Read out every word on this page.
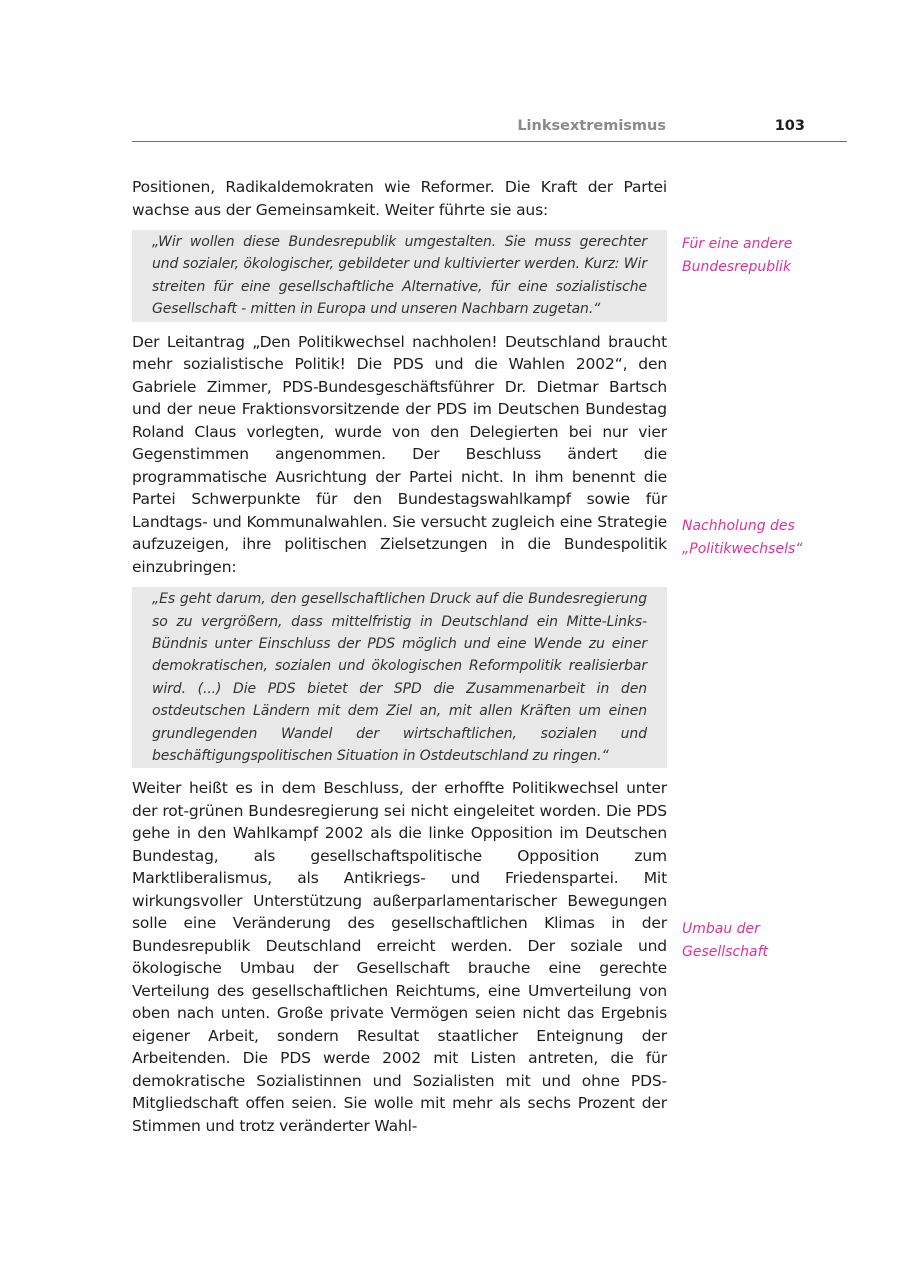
Linksextremismus	103

Positionen, Radikaldemokraten wie Reformer. Die Kraft der Partei wachse aus der Gemeinsamkeit. Weiter führte sie aus:

„Wir wollen diese Bundesrepublik umgestalten. Sie muss gerechter und sozialer, ökologischer, gebildeter und kultivierter werden. Kurz: Wir streiten für eine gesellschaftliche Alternative, für eine sozialistische Gesellschaft - mitten in Europa und unseren Nachbarn zugetan.“

Der Leitantrag „Den Politikwechsel nachholen! Deutschland braucht mehr sozialistische Politik! Die PDS und die Wahlen 2002“, den Gabriele Zimmer, PDS-Bundesgeschäftsführer Dr. Dietmar Bartsch und der neue Fraktionsvorsitzende der PDS im Deutschen Bundestag Roland Claus vorlegten, wurde von den Delegierten bei nur vier Gegenstimmen angenommen. Der Beschluss ändert die programmatische Ausrichtung der Partei nicht. In ihm benennt die Partei Schwerpunkte für den Bundestagswahlkampf sowie für Landtags- und Kommunalwahlen. Sie versucht zugleich eine Strategie aufzuzeigen, ihre politischen Zielsetzungen in die Bundespolitik einzubringen:

„Es geht darum, den gesellschaftlichen Druck auf die Bundesregierung so zu vergrößern, dass mittelfristig in Deutschland ein Mitte-Links-Bündnis unter Einschluss der PDS möglich und eine Wende zu einer demokratischen, sozialen und ökologischen Reformpolitik realisierbar wird. (...) Die PDS bietet der SPD die Zusammenarbeit in den ostdeutschen Ländern mit dem Ziel an, mit allen Kräften um einen grundlegenden Wandel der wirtschaftlichen, sozialen und beschäftigungspolitischen Situation in Ostdeutschland zu ringen.“

Weiter heißt es in dem Beschluss, der erhoffte Politikwechsel unter der rot-grünen Bundesregierung sei nicht eingeleitet worden. Die PDS gehe in den Wahlkampf 2002 als die linke Opposition im Deutschen Bundestag, als gesellschaftspolitische Opposition zum Marktliberalismus, als Antikriegs- und Friedenspartei. Mit wirkungsvoller Unterstützung außerparlamentarischer Bewegungen solle eine Veränderung des gesellschaftlichen Klimas in der Bundesrepublik Deutschland erreicht werden. Der soziale und ökologische Umbau der Gesellschaft brauche eine gerechte Verteilung des gesellschaftlichen Reichtums, eine Umverteilung von oben nach unten. Große private Vermögen seien nicht das Ergebnis eigener Arbeit, sondern Resultat staatlicher Enteignung der Arbeitenden. Die PDS werde 2002 mit Listen antreten, die für demokratische Sozialistinnen und Sozialisten mit und ohne PDS-Mitgliedschaft offen seien. Sie wolle mit mehr als sechs Prozent der Stimmen und trotz veränderter Wahl-

Für eine andere
Bundesrepublik
Nachholung des
„Politikwechsels“
Umbau der
Gesellschaft
